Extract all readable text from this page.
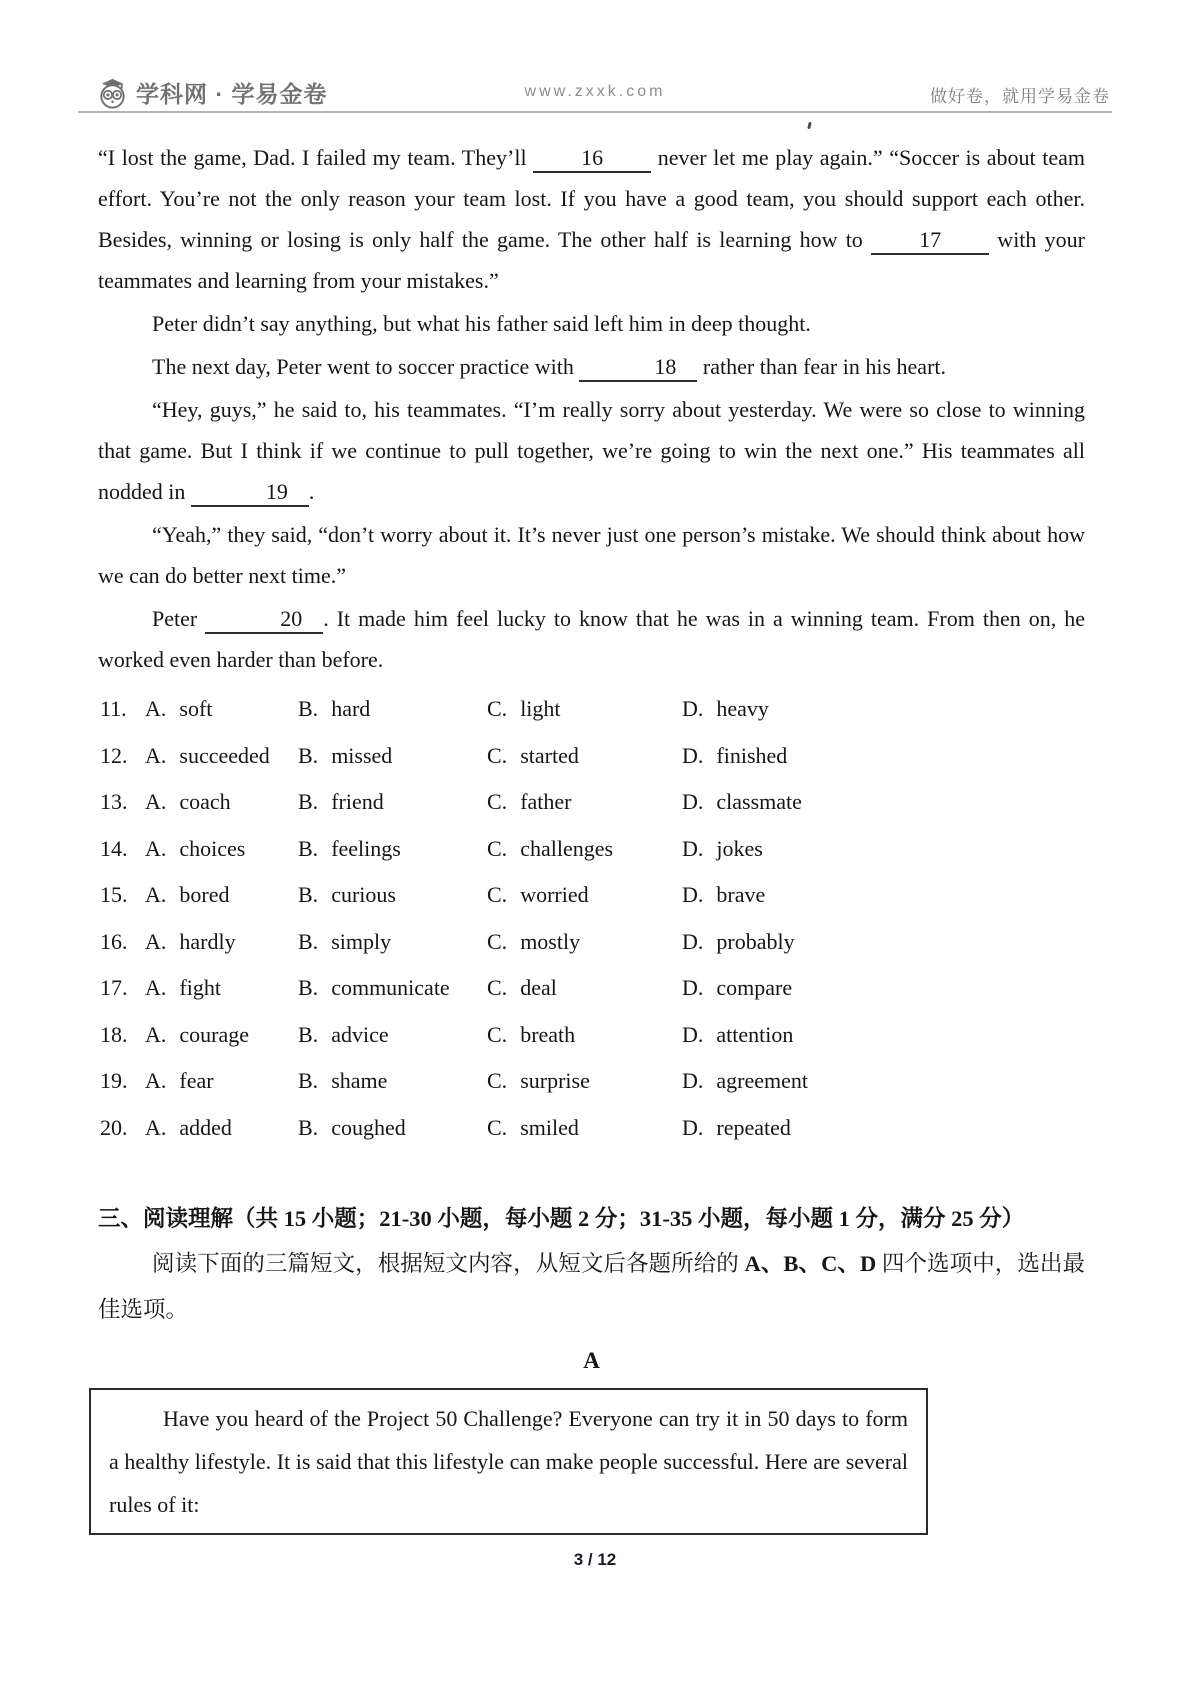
学科网 · 学易金卷	www.zxxk.com	做好卷，就用学易金卷

“I lost the game, Dad. I failed my team. They’ll 16 never let me play again.” “Soccer is about team effort. You’re not the only reason your team lost. If you have a good team, you should support each other. Besides, winning or losing is only half the game. The other half is learning how to 17 with your teammates and learning from your mistakes.”

Peter didn’t say anything, but what his father said left him in deep thought.

The next day, Peter went to soccer practice with	18 rather than fear in his heart.

“Hey, guys,” he said to, his teammates. “I’m really sorry about yesterday. We were so close to winning that game. But I think if we continue to pull together, we’re going to win the next one.” His teammates all nodded in	19 .

“Yeah,” they said, “don’t worry about it. It’s never just one person’s mistake. We should think about how we can do better next time.”

Peter	20 . It made him feel lucky to know that he was in a winning team. From then on, he worked even harder than before.

11. A. soft	B. hard	C. light	D. heavy
12. A. succeeded	B. missed	C. started	D. finished
13. A. coach	B. friend	C. father	D. classmate
14. A. choices	B. feelings	C. challenges	D. jokes
15. A. bored	B. curious	C. worried	D. brave
16. A. hardly	B. simply	C. mostly	D. probably
17. A. fight	B. communicate	C. deal	D. compare
18. A. courage	B. advice	C. breath	D. attention
19. A. fear	B. shame	C. surprise	D. agreement
20. A. added	B. coughed	C. smiled	D. repeated
三、阅读理解（共 15 小题；21-30 小题，每小题 2 分；31-35 小题，每小题 1 分，满分 25 分）

阅读下面的三篇短文，根据短文内容，从短文后各题所给的 A、B、C、D 四个选项中，选出最佳选项。

A

Have you heard of the Project 50 Challenge? Everyone can try it in 50 days to form a healthy lifestyle. It is said that this lifestyle can make people successful. Here are several rules of it:

3 / 12
